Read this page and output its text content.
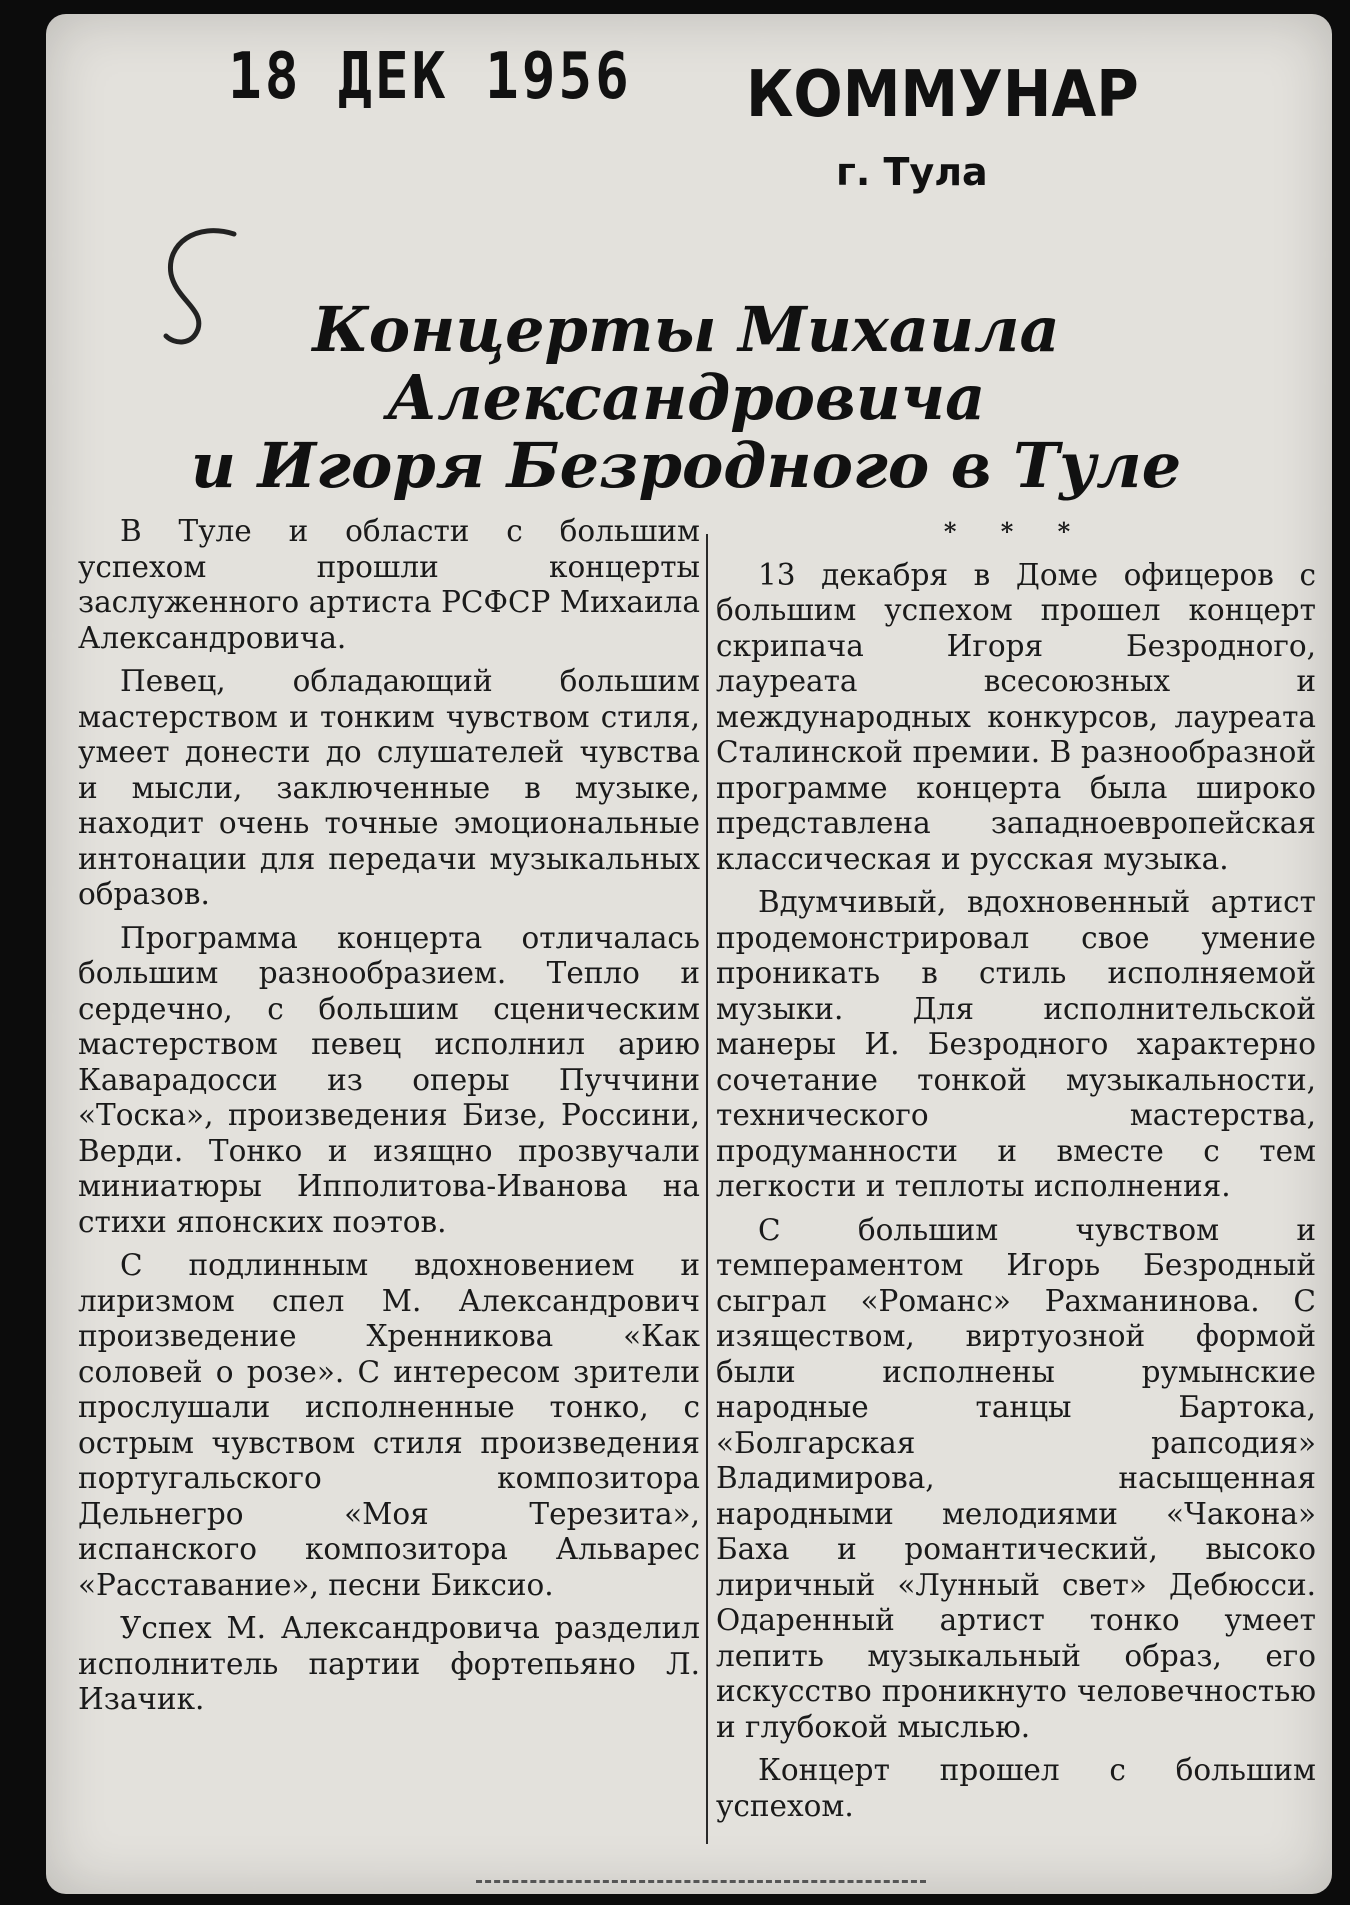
18 ДЕК 1956 КОММУНАР
г. Тула
Концерты Михаила
Александровича
и Игоря Безродного в Туле

В Туле и области с большим успехом прошли концерты заслуженного артиста РСФСР Михаила Александровича.

Певец, обладающий большим мастерством и тонким чувством стиля, умеет донести до слушателей чувства и мысли, заключенные в музыке, находит очень точные эмоциональные интонации для передачи музыкальных образов.

Программа концерта отличалась большим разнообразием. Тепло и сердечно, с большим сценическим мастерством певец исполнил арию Каварадосси из оперы Пуччини «Тоска», произведения Бизе, Россини, Верди. Тонко и изящно прозвучали миниатюры Ипполитова-Иванова на стихи японских поэтов.

С подлинным вдохновением и лиризмом спел М. Александрович произведение Хренникова «Как соловей о розе». С интересом зрители прослушали исполненные тонко, с острым чувством стиля произведения португальского композитора Дельнегро «Моя Терезита», испанского композитора Альварес «Расставание», песни Биксио.

Успех М. Александровича разделил исполнитель партии фортепьяно Л. Изачик.

* * *

13 декабря в Доме офицеров с большим успехом прошел концерт скрипача Игоря Безродного, лауреата всесоюзных и международных конкурсов, лауреата Сталинской премии. В разнообразной программе концерта была широко представлена западноевропейская классическая и русская музыка.

Вдумчивый, вдохновенный артист продемонстрировал свое умение проникать в стиль исполняемой музыки. Для исполнительской манеры И. Безродного характерно сочетание тонкой музыкальности, технического мастерства, продуманности и вместе с тем легкости и теплоты исполнения.

С большим чувством и темпераментом Игорь Безродный сыграл «Романс» Рахманинова. С изяществом, виртуозной формой были исполнены румынские народные танцы Бартока, «Болгарская рапсодия» Владимирова, насыщенная народными мелодиями «Чакона» Баха и романтический, высоко лиричный «Лунный свет» Дебюсси. Одаренный артист тонко умеет лепить музыкальный образ, его искусство проникнуто человечностью и глубокой мыслью.

Концерт прошел с большим успехом.
